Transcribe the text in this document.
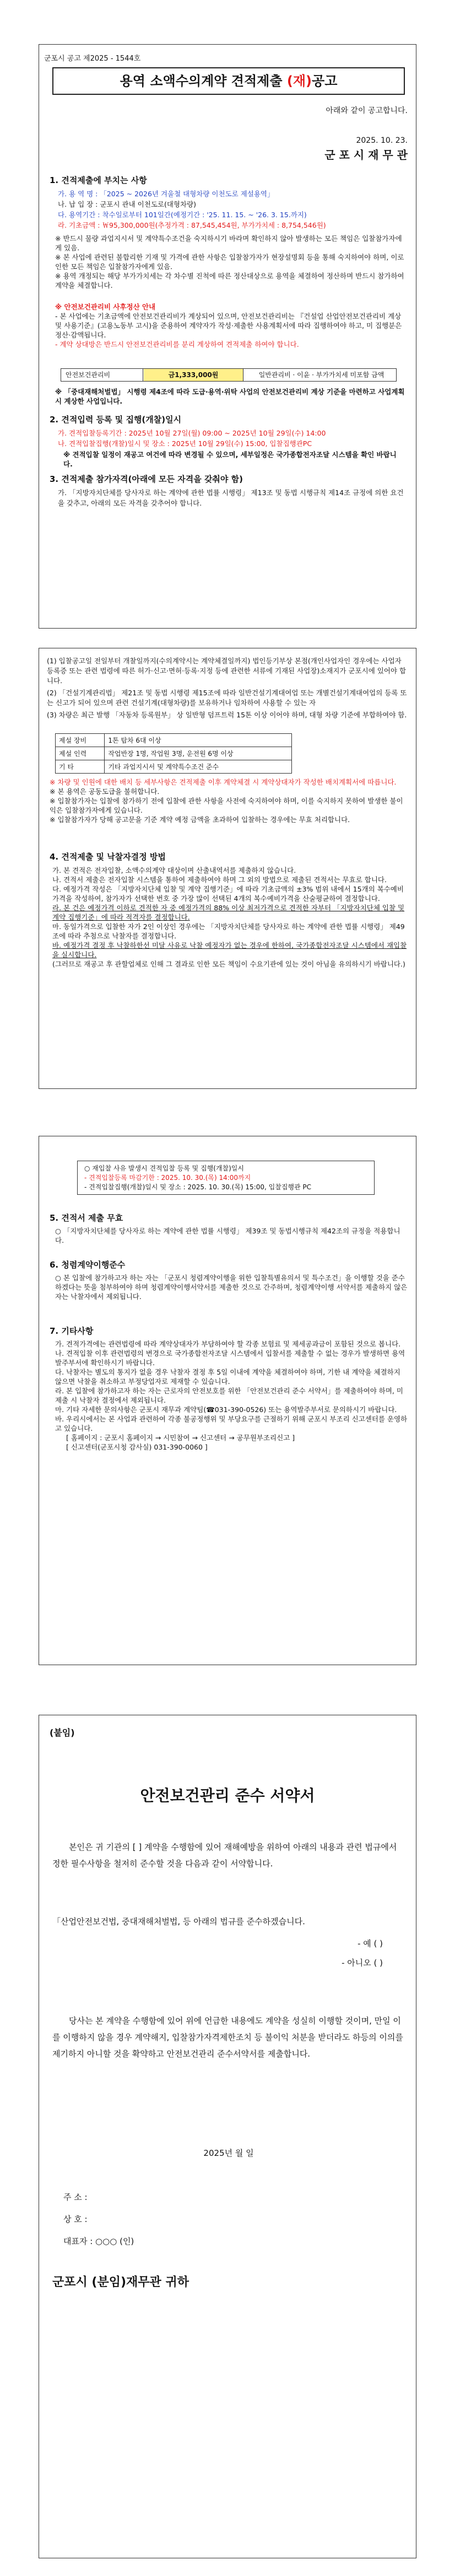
군포시 공고 제2025 - 1544호
용역 소액수의계약 견적제출 (재)공고
아래와 같이 공고합니다.
2025. 10. 23.
군 포 시 재 무 관
1. 견적제출에 부치는 사항
가. 용 역 명 : 「2025 ~ 2026년 겨울철 대형차량 이천도로 제설용역」
나. 납 입 장 : 군포시 관내 이천도로(대형차량)
다. 용역기간 : 착수일로부터 101일간(예정기간 : '25. 11. 15. ~ '26. 3. 15.까지)
라. 기초금액 : ￦95,300,000원(추정가격 : 87,545,454원, 부가가치세 : 8,754,546원)
※ 반드시 물량 과업지시서 및 계약특수조건을 숙지하시기 바라며 확인하지 않아 발생하는 모든 책임은 입찰참가자에게 있음.
※ 본 사업에 관련된 불합리한 기재 및 가격에 관한 사항은 입찰참가자가 현장설명회 등을 통해 숙지하여야 하며, 이로 인한 모든 책임은 입찰참가자에게 있음.
※ 용역 개정되는 해당 부가가치세는 각 차수별 진척에 따른 정산대상으로 용역을 체결하여 정산하며 반드시 참가하여 계약을 체결합니다.
※ 안전보건관리비 사후정산 안내
- 본 사업에는 기초금액에 안전보건관리비가 계상되어 있으며, 안전보건관리비는 『건설업 산업안전보건관리비 계상 및 사용기준』(고용노동부 고시)을 준용하여 계약자가 작성·제출한 사용계획서에 따라 집행하여야 하고, 미 집행분은 정산·감액됩니다.
- 계약 상대방은 반드시 안전보건관리비를 분리 계상하여 견적제출 하여야 합니다.
안전보건관리비	금1,333,000원	일반관리비 · 이윤 · 부가가치세 미포함 금액
※ 「중대재해처벌법」 시행령 제4조에 따라 도급·용역·위탁 사업의 안전보건관리비 계상 기준을 마련하고 사업계획 시 계상한 사업입니다.
2. 견적입력 등록 및 집행(개찰)일시
가. 견적입찰등록기간 : 2025년 10월 27일(월) 09:00 ~ 2025년 10월 29일(수) 14:00
나. 견적입찰집행(개찰)일시 및 장소 : 2025년 10월 29일(수) 15:00, 입찰집행관PC
※ 견적입찰 일정이 재공고 여건에 따라 변경될 수 있으며, 세부일정은 국가종합전자조달 시스템을 확인 바랍니다.
3. 견적제출 참가자격(아래에 모든 자격을 갖춰야 함)
가. 「지방자치단체를 당사자로 하는 계약에 관한 법률 시행령」 제13조 및 동법 시행규칙 제14조 규정에 의한 요건을 갖추고, 아래의 모든 자격을 갖추어야 합니다.
(1) 입찰공고일 전일부터 개찰일까지(수의계약시는 계약체결일까지) 법인등기부상 본점(개인사업자인 경우에는 사업자 등록증 또는 관련 법령에 따른 허가·신고·면허·등록·지정 등에 관련한 서류에 기재된 사업장)소재지가 군포시에 있어야 합니다.
(2) 「건설기계관리법」 제21조 및 동법 시행령 제15조에 따라 일반건설기계대여업 또는 개별건설기계대여업의 등록 또는 신고가 되어 있으며 관련 건설기계(대형차량)를 보유하거나 임차하여 사용할 수 있는 자
(3) 차량은 최근 발행 「자동차 등록원부」 상 일반형 덤프트럭 15톤 이상 이어야 하며, 대형 차량 기준에 부합하여야 함.
제설 장비	1톤 탑차 6대 이상
제설 인력	작업반장 1명, 작업원 3명, 운전원 6명 이상
기 타	기타 과업지시서 및 계약특수조건 준수
※ 차량 및 인원에 대한 배치 등 세부사항은 견적제출 이후 계약체결 시 계약상대자가 작성한 배치계획서에 따릅니다.
※ 본 용역은 공동도급을 불허합니다.
※ 입찰참가자는 입찰에 참가하기 전에 입찰에 관한 사항을 사전에 숙지하여야 하며, 이를 숙지하지 못하여 발생한 불이익은 입찰참가자에게 있습니다.
※ 입찰참가자가 당해 공고문을 기준 계약 예정 금액을 초과하여 입찰하는 경우에는 무효 처리합니다.
4. 견적제출 및 낙찰자결정 방법
가. 본 견적은 전자입찰, 소액수의계약 대상이며 산출내역서를 제출하지 않습니다.
나. 견적서 제출은 전자입찰 시스템을 통하여 제출하여야 하며 그 외의 방법으로 제출된 견적서는 무효로 합니다.
다. 예정가격 작성은 「지방자치단체 입찰 및 계약 집행기준」에 따라 기초금액의 ±3% 범위 내에서 15개의 복수예비가격을 작성하여, 참가자가 선택한 번호 중 가장 많이 선택된 4개의 복수예비가격을 산술평균하여 결정합니다.
라. 본 건은 예정가격 이하로 견적한 자 중 예정가격의 88% 이상 최저가격으로 견적한 자부터 「지방자치단체 입찰 및 계약 집행기준」에 따라 적격자를 결정합니다.
마. 동일가격으로 입찰한 자가 2인 이상인 경우에는 「지방자치단체를 당사자로 하는 계약에 관한 법률 시행령」 제49조에 따라 추첨으로 낙찰자를 결정합니다.
바. 예정가격 결정 후 낙찰하한선 미달 사유로 낙찰 예정자가 없는 경우에 한하여, 국가종합전자조달 시스템에서 재입찰을 실시합니다.
(그러므로 재공고 후 관할업체로 인해 그 결과로 인한 모든 책임이 수요기관에 있는 것이 아님을 유의하시기 바랍니다.)
○ 재입찰 사유 발생시 견적입찰 등록 및 집행(개찰)일시
- 견적입찰등록 마감기한 : 2025. 10. 30.(목) 14:00까지
- 견적입찰집행(개찰)일시 및 장소 : 2025. 10. 30.(목) 15:00, 입찰집행관 PC
5. 견적서 제출 무효
○ 「지방자치단체를 당사자로 하는 계약에 관한 법률 시행령」 제39조 및 동법시행규칙 제42조의 규정을 적용합니다.
6. 청렴계약이행준수
○ 본 입찰에 참가하고자 하는 자는 「군포시 청렴계약이행을 위한 입찰특별유의서 및 특수조건」을 이행할 것을 준수하겠다는 뜻을 첨부하여야 하며 청렴계약이행서약서를 제출한 것으로 간주하며, 청렴계약이행 서약서를 제출하지 않은 자는 낙찰자에서 제외됩니다.
7. 기타사항
가. 견적가격에는 관련법령에 따라 계약상대자가 부담하여야 할 각종 보험료 및 제세공과금이 포함된 것으로 봅니다.
나. 견적입찰 이후 관련법령의 변경으로 국가종합전자조달 시스템에서 입찰서를 제출할 수 없는 경우가 발생하면 용역발주부서에 확인하시기 바랍니다.
다. 낙찰자는 별도의 통지가 없을 경우 낙찰자 결정 후 5일 이내에 계약을 체결하여야 하며, 기한 내 계약을 체결하지 않으면 낙찰을 취소하고 부정당업자로 제재할 수 있습니다.
라. 본 입찰에 참가하고자 하는 자는 근로자의 안전보호를 위한 「안전보건관리 준수 서약서」를 제출하여야 하며, 미제출 시 낙찰자 결정에서 제외됩니다.
마. 기타 자세한 문의사항은 군포시 재무과 계약팀(☎031-390-0526) 또는 용역발주부서로 문의하시기 바랍니다.
바. 우리시에서는 본 사업과 관련하여 각종 불공정행위 및 부당요구를 근절하기 위해 군포시 부조리 신고센터를 운영하고 있습니다.
[ 홈페이지 : 군포시 홈페이지 → 시민참여 → 신고센터 → 공무원부조리신고 ]
[ 신고센터(군포시청 감사실) 031-390-0060 ]
(붙임)
안전보건관리 준수 서약서
본인은 귀 기관의 [ ] 계약을 수행함에 있어 재해예방을 위하여 아래의 내용과 관련 법규에서 정한 필수사항을 철저히 준수할 것을 다음과 같이 서약합니다.
「산업안전보건법, 중대재해처벌법, 등 아래의 법규를 준수하겠습니다.
- 예 ( )
- 아니오 ( )
당사는 본 계약을 수행함에 있어 위에 언급한 내용에도 계약을 성실히 이행할 것이며, 만일 이를 이행하지 않을 경우 계약해지, 입찰참가자격제한조치 등 불이익 처분을 받더라도 하등의 이의를 제기하지 아니할 것을 확약하고 안전보건관리 준수서약서를 제출합니다.
2025년 월 일
주 소 :
상 호 :
대표자 : ○○○ (인)
군포시 (분임)재무관 귀하
